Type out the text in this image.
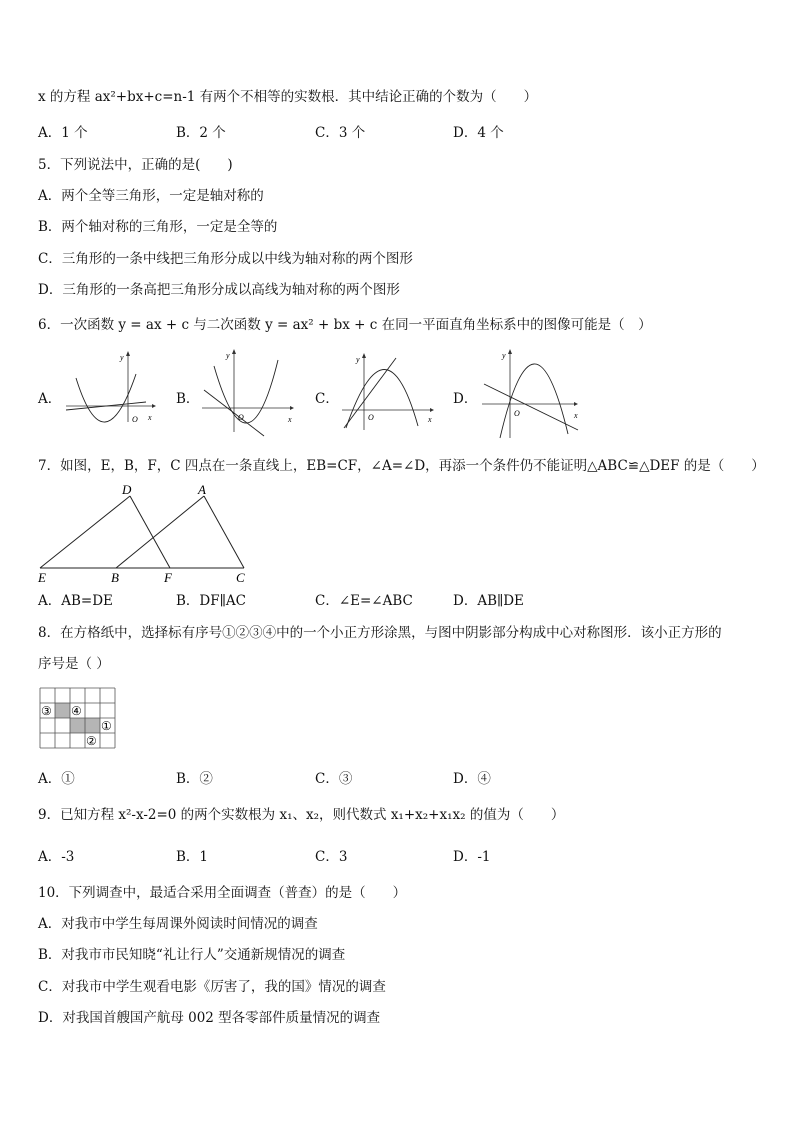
x 的方程 ax²+bx+c=n-1 有两个不相等的实数根．其中结论正确的个数为（　　）
A．1 个	B．2 个	C．3 个	D．4 个
5．下列说法中，正确的是(　　)
A．两个全等三角形，一定是轴对称的
B．两个轴对称的三角形，一定是全等的
C．三角形的一条中线把三角形分成以中线为轴对称的两个图形
D．三角形的一条高把三角形分成以高线为轴对称的两个图形
6．一次函数 y = ax + c 与二次函数 y = ax² + bx + c 在同一平面直角坐标系中的图像可能是（　）
A．
O x
y
B．
O	x
y
C．
O	x
y
D．
O	x
y
7．如图，E，B，F，C 四点在一条直线上，EB=CF，∠A=∠D，再添一个条件仍不能证明△ABC≌△DEF 的是（　　）
D	A
E	B	F	C
A．AB=DE	B．DF∥AC	C．∠E=∠ABC	D．AB∥DE
8．在方格纸中，选择标有序号①②③④中的一个小正方形涂黑，与图中阴影部分构成中心对称图形．该小正方形的
序号是（ ）
①
②
③ ④
A．①	B．②	C．③	D．④
9．已知方程 x²-x-2=0 的两个实数根为 x₁、x₂，则代数式 x₁+x₂+x₁x₂ 的值为（　　）
A．-3	B．1	C．3	D．-1
10．下列调查中，最适合采用全面调查（普查）的是（　　）
A．对我市中学生每周课外阅读时间情况的调查
B．对我市市民知晓“礼让行人”交通新规情况的调查
C．对我市中学生观看电影《厉害了，我的国》情况的调查
D．对我国首艘国产航母 002 型各零部件质量情况的调查
